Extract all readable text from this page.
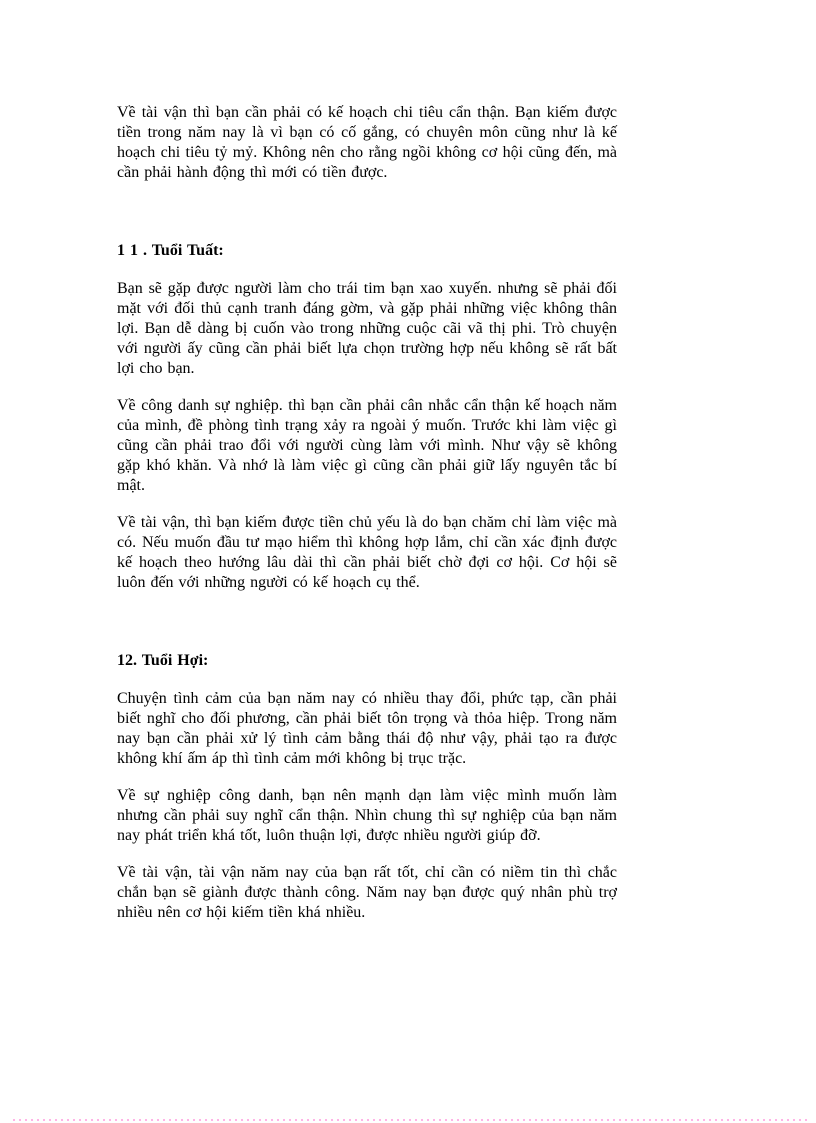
Về tài vận thì bạn cần phải có kế hoạch chi tiêu cẩn thận. Bạn kiếm được tiền trong năm nay là vì bạn có cố gắng, có chuyên môn cũng như là kế hoạch chi tiêu tỷ mỷ. Không nên cho rằng ngồi không cơ hội cũng đến, mà cần phải hành động thì mới có tiền được.

1 1 . Tuổi Tuất:

Bạn sẽ gặp được người làm cho trái tim bạn xao xuyến. nhưng sẽ phải đối mặt với đối thủ cạnh tranh đáng gờm, và gặp phải những việc không thân lợi. Bạn dễ dàng bị cuốn vào trong những cuộc cãi vã thị phi. Trò chuyện với người ấy cũng cần phải biết lựa chọn trường hợp nếu không sẽ rất bất lợi cho bạn.

Về công danh sự nghiệp. thì bạn cần phải cân nhắc cẩn thận kế hoạch năm của mình, đề phòng tình trạng xảy ra ngoài ý muốn. Trước khi làm việc gì cũng cần phải trao đổi với người cùng làm với mình. Như vậy sẽ không gặp khó khăn. Và nhớ là làm việc gì cũng cần phải giữ lấy nguyên tắc bí mật.

Về tài vận, thì bạn kiếm được tiền chủ yếu là do bạn chăm chỉ làm việc mà có. Nếu muốn đầu tư mạo hiểm thì không hợp lắm, chỉ cần xác định được kế hoạch theo hướng lâu dài thì cần phải biết chờ đợi cơ hội. Cơ hội sẽ luôn đến với những người có kế hoạch cụ thể.

12. Tuổi Hợi:

Chuyện tình cảm của bạn năm nay có nhiều thay đổi, phức tạp, cần phải biết nghĩ cho đối phương, cần phải biết tôn trọng và thỏa hiệp. Trong năm nay bạn cần phải xử lý tình cảm bằng thái độ như vậy, phải tạo ra được không khí ấm áp thì tình cảm mới không bị trục trặc.

Về sự nghiệp công danh, bạn nên mạnh dạn làm việc mình muốn làm nhưng cần phải suy nghĩ cẩn thận. Nhìn chung thì sự nghiệp của bạn năm nay phát triển khá tốt, luôn thuận lợi, được nhiều người giúp đỡ.

Về tài vận, tài vận năm nay của bạn rất tốt, chỉ cần có niềm tin thì chắc chắn bạn sẽ giành được thành công. Năm nay bạn được quý nhân phù trợ nhiều nên cơ hội kiếm tiền khá nhiều.
